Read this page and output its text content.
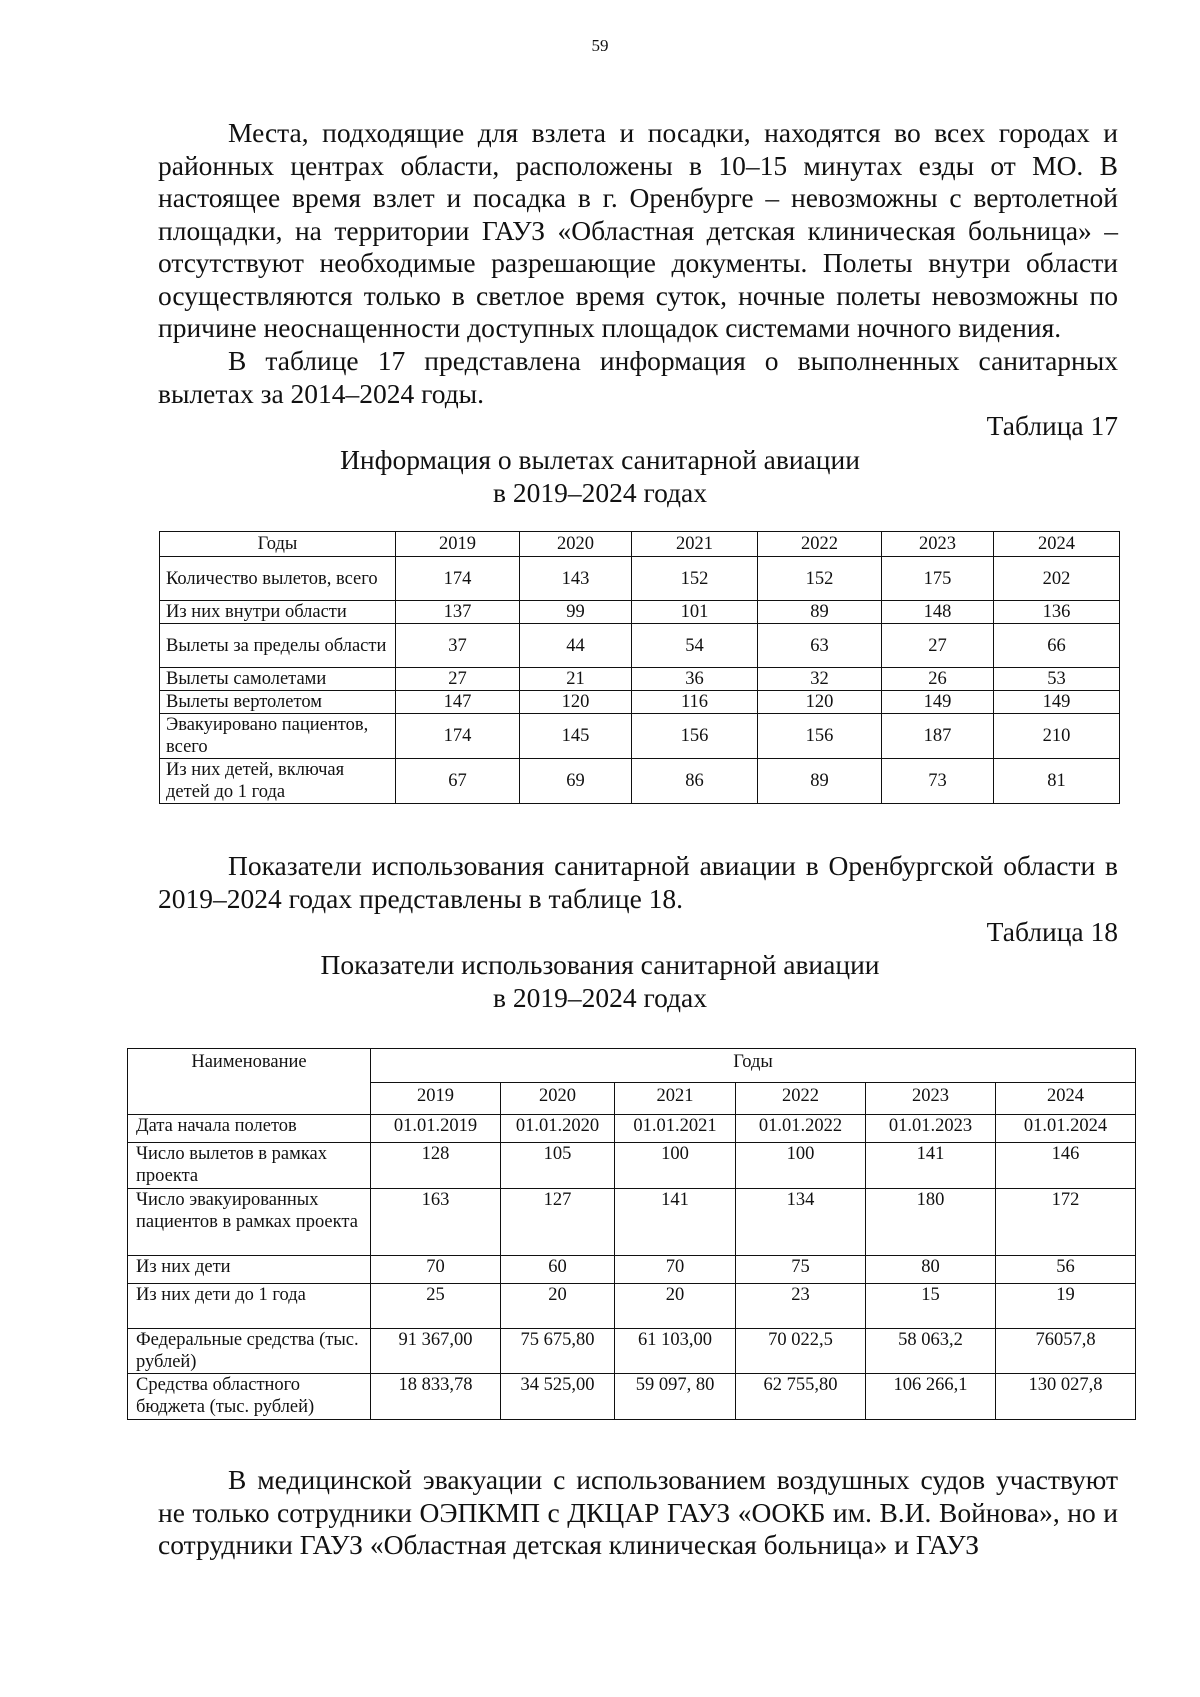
59

Места, подходящие для взлета и посадки, находятся во всех городах и районных центрах области, расположены в 10–15 минутах езды от МО. В настоящее время взлет и посадка в г. Оренбурге – невозможны с вертолетной площадки, на территории ГАУЗ «Областная детская клиническая больница» – отсутствуют необходимые разрешающие документы. Полеты внутри области осуществляются только в светлое время суток, ночные полеты невозможны по причине неоснащенности доступных площадок системами ночного видения.

В таблице 17 представлена информация о выполненных санитарных вылетах за 2014–2024 годы.

Таблица 17
Информация о вылетах санитарной авиации
в 2019–2024 годах
Годы	2019	2020	2021	2022	2023	2024
Количество вылетов, всего	174	143	152	152	175	202
Из них внутри области	137	99	101	89	148	136
Вылеты за пределы области	37	44	54	63	27	66
Вылеты самолетами	27	21	36	32	26	53
Вылеты вертолетом	147	120	116	120	149	149
Эвакуировано пациентов, всего	174	145	156	156	187	210
Из них детей, включая детей до 1 года	67	69	86	89	73	81

Показатели использования санитарной авиации в Оренбургской области в 2019–2024 годах представлены в таблице 18.

Таблица 18
Показатели использования санитарной авиации
в 2019–2024 годах
Наименование	Годы					
	2019	2020	2021	2022	2023	2024
Дата начала полетов	01.01.2019	01.01.2020	01.01.2021	01.01.2022	01.01.2023	01.01.2024
Число вылетов в рамках проекта	128	105	100	100	141	146
Число эвакуированных пациентов в рамках проекта	163	127	141	134	180	172
Из них дети	70	60	70	75	80	56
Из них дети до 1 года	25	20	20	23	15	19
Федеральные средства (тыс. рублей)	91 367,00	75 675,80	61 103,00	70 022,5	58 063,2	76057,8
Средства областного бюджета (тыс. рублей)	18 833,78	34 525,00	59 097, 80	62 755,80	106 266,1	130 027,8

В медицинской эвакуации с использованием воздушных судов участвуют не только сотрудники ОЭПКМП с ДКЦАР ГАУЗ «ООКБ им. В.И. Войнова», но и сотрудники ГАУЗ «Областная детская клиническая больница» и ГАУЗ
